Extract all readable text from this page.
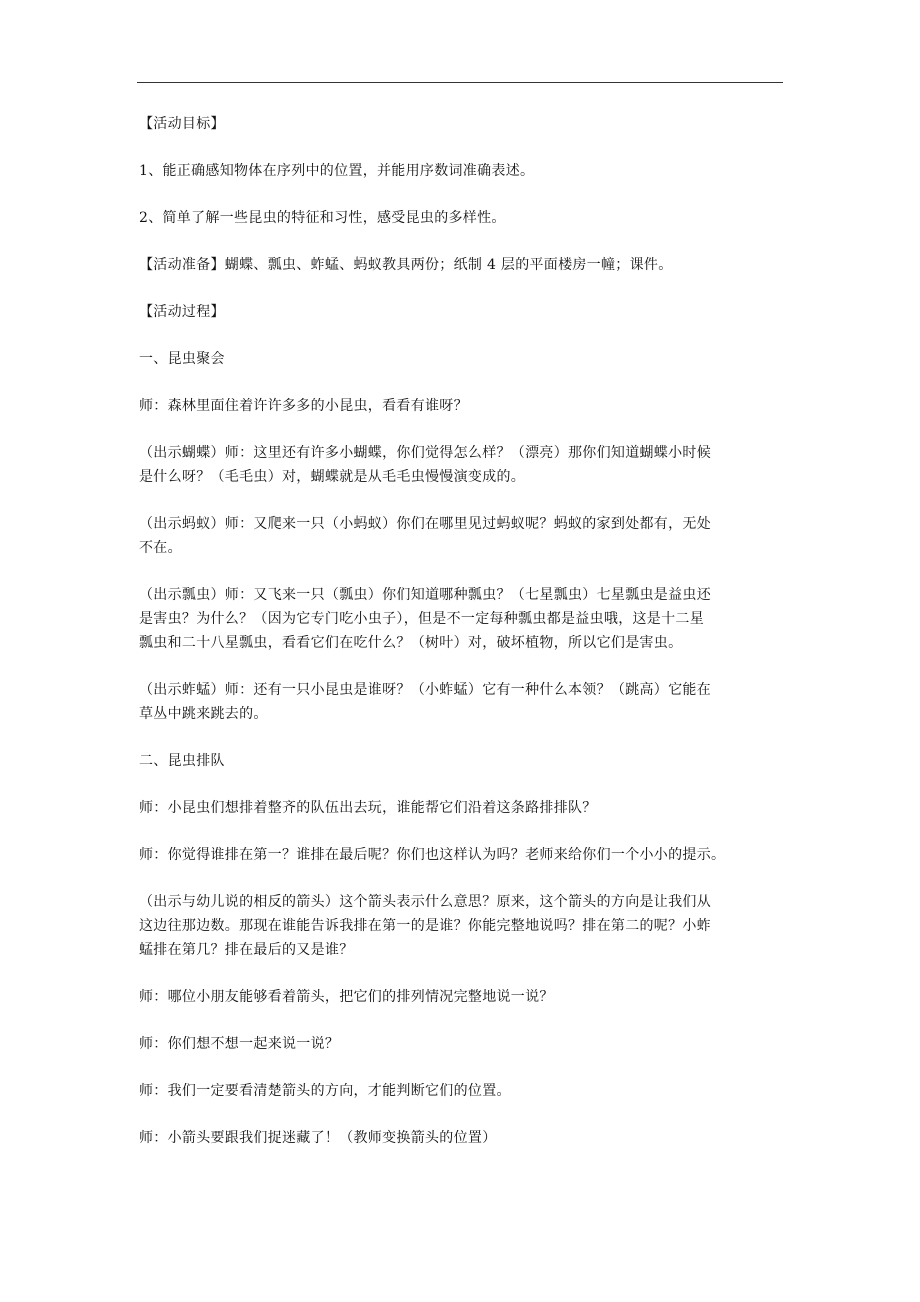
【活动目标】

1、能正确感知物体在序列中的位置，并能用序数词准确表述。

2、简单了解一些昆虫的特征和习性，感受昆虫的多样性。

【活动准备】蝴蝶、瓢虫、蚱蜢、蚂蚁教具两份；纸制 4 层的平面楼房一幢；课件。

【活动过程】

一、昆虫聚会

师：森林里面住着许许多多的小昆虫，看看有谁呀？

（出示蝴蝶）师：这里还有许多小蝴蝶，你们觉得怎么样？（漂亮）那你们知道蝴蝶小时候
是什么呀？（毛毛虫）对，蝴蝶就是从毛毛虫慢慢演变成的。

（出示蚂蚁）师：又爬来一只（小蚂蚁）你们在哪里见过蚂蚁呢？蚂蚁的家到处都有，无处
不在。

（出示瓢虫）师：又飞来一只（瓢虫）你们知道哪种瓢虫？（七星瓢虫）七星瓢虫是益虫还
是害虫？为什么？（因为它专门吃小虫子），但是不一定每种瓢虫都是益虫哦，这是十二星
瓢虫和二十八星瓢虫，看看它们在吃什么？（树叶）对，破坏植物，所以它们是害虫。

（出示蚱蜢）师：还有一只小昆虫是谁呀？（小蚱蜢）它有一种什么本领？（跳高）它能在
草丛中跳来跳去的。

二、昆虫排队

师：小昆虫们想排着整齐的队伍出去玩，谁能帮它们沿着这条路排排队？

师：你觉得谁排在第一？谁排在最后呢？你们也这样认为吗？老师来给你们一个小小的提示。

（出示与幼儿说的相反的箭头）这个箭头表示什么意思？原来，这个箭头的方向是让我们从
这边往那边数。那现在谁能告诉我排在第一的是谁？你能完整地说吗？排在第二的呢？小蚱
蜢排在第几？排在最后的又是谁？

师：哪位小朋友能够看着箭头，把它们的排列情况完整地说一说？

师：你们想不想一起来说一说？

师：我们一定要看清楚箭头的方向，才能判断它们的位置。

师：小箭头要跟我们捉迷藏了！（教师变换箭头的位置）
